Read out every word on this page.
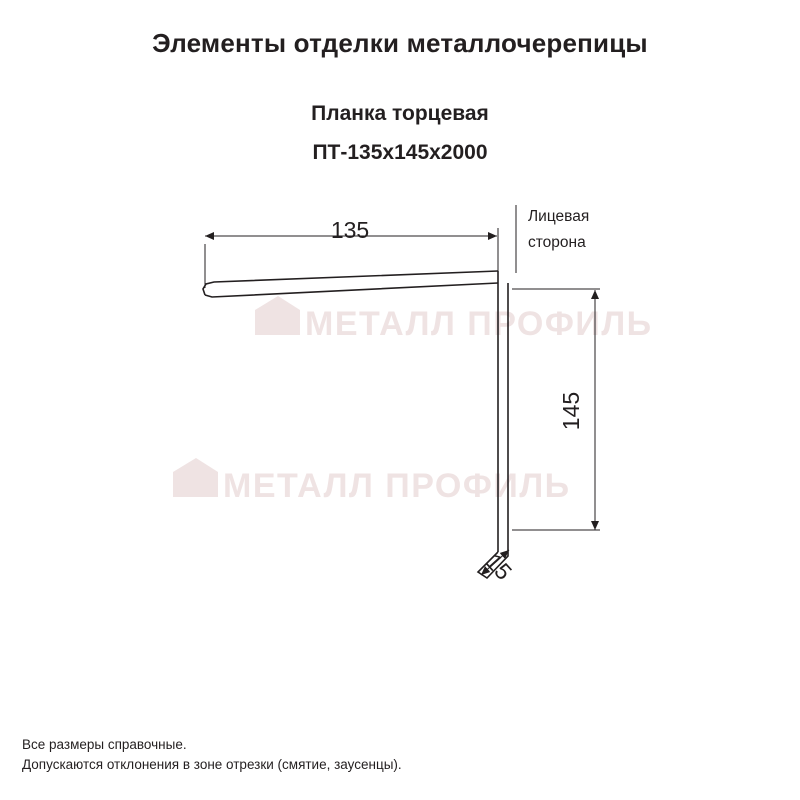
Элементы отделки металлочерепицы
Планка торцевая
ПТ-135x145x2000
МЕТАЛЛ ПРОФИЛЬ
МЕТАЛЛ ПРОФИЛЬ
135
145
15
Лицевая
сторона
Все размеры справочные.
Допускаются отклонения в зоне отрезки (смятие, заусенцы).
